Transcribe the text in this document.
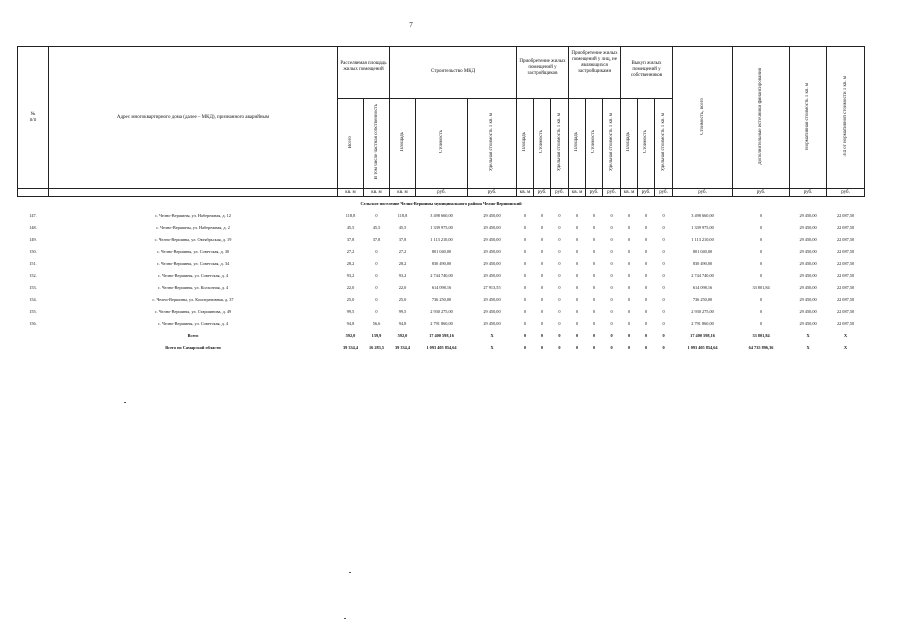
7
№
п/п	Адрес многоквартирного дома (далее – МКД), признанного аварийным	Расселяемая площадь жилых помещений		Строительство МКД			Приобретение жилых помещений у застройщиков			Приобретение жилых помещений у лиц, не являющихся застройщиками			Выкуп жилых помещений у собственников			Стоимость, всего	Дополнительные источники финансирования	Нормативная стоимость 1 кв. м	3/4 от нормативной стоимости 1 кв. м
		Всего	В том числе частная собственность	Площадь	Стоимость	Удельная стоимость 1 кв. м	Площадь	Стоимость	Удельная стоимость 1 кв. м	Площадь	Стоимость	Удельная стоимость 1 кв. м	Площадь	Стоимость	Удельная стоимость 1 кв. м				
		кв. м	кв. м	кв. м	руб.	руб.	кв. м	руб.	руб.	кв. м	руб.	руб.	кв. м	руб.	руб.	руб.	руб.	руб.	руб.
Сельское поселение Челно-Вершины муниципального района Челно-Вершинский																			
147.	с. Челно-Вершины, ул. Набережная, д. 12	118,8	0	118,8	3 498 660,00	29 450,00	0	0	0	0	0	0	0	0	0	3 498 660,00	0	29 450,00	22 087,50
148.	с. Челно-Вершины, ул. Набережная, д. 2	45,5	45,5	45,5	1 339 975,00	29 450,00	0	0	0	0	0	0	0	0	0	1 339 975,00	0	29 450,00	22 087,50
149.	с. Челно-Вершины, ул. Октябрьская, д. 19	37,8	37,8	37,8	1 113 210,00	29 450,00	0	0	0	0	0	0	0	0	0	1 113 210,00	0	29 450,00	22 087,50
150.	с. Челно-Вершины, ул. Советская, д. 30	27,2	0	27,2	801 040,00	29 450,00	0	0	0	0	0	0	0	0	0	801 040,00	0	29 450,00	22 087,50
151.	с. Челно-Вершины, ул. Советская, д. 34	28,2	0	28,2	830 490,00	29 450,00	0	0	0	0	0	0	0	0	0	830 490,00	0	29 450,00	22 087,50
152.	с. Челно-Вершины, ул. Советская, д. 4	93,2	0	93,2	2 744 740,00	29 450,00	0	0	0	0	0	0	0	0	0	2 744 740,00	0	29 450,00	22 087,50
153.	с. Челно-Вершины, ул. Колхозная, д. 4	22,0	0	22,0	614 098,16	27 913,55	0	0	0	0	0	0	0	0	0	614 098,16	33 801,84	29 450,00	22 087,50
154.	с. Челно-Вершины, ул. Кооперативная, д. 37	25,0	0	25,0	736 250,00	29 450,00	0	0	0	0	0	0	0	0	0	736 250,00	0	29 450,00	22 087,50
155.	с. Челно-Вершины, ул. Старшинова, д. 49	99,5	0	99,5	2 930 275,00	29 450,00	0	0	0	0	0	0	0	0	0	2 930 275,00	0	29 450,00	22 087,50
156.	с. Челно-Вершины, ул. Советская, д. 4	94,8	56,6	94,8	2 791 860,00	29 450,00	0	0	0	0	0	0	0	0	0	2 791 860,00	0	29 450,00	22 087,50
	Всего	592,0	139,9	592,0	17 400 598,16	X	0	0	0	0	0	0	0	0	0	17 400 598,16	33 801,84	X	X
	Всего по Самарской области	39 334,4	16 283,5	39 334,4	1 093 405 854,64	X	0	0	0	0	0	0	0	0	0	1 093 405 854,64	64 735 896,36	X	X
